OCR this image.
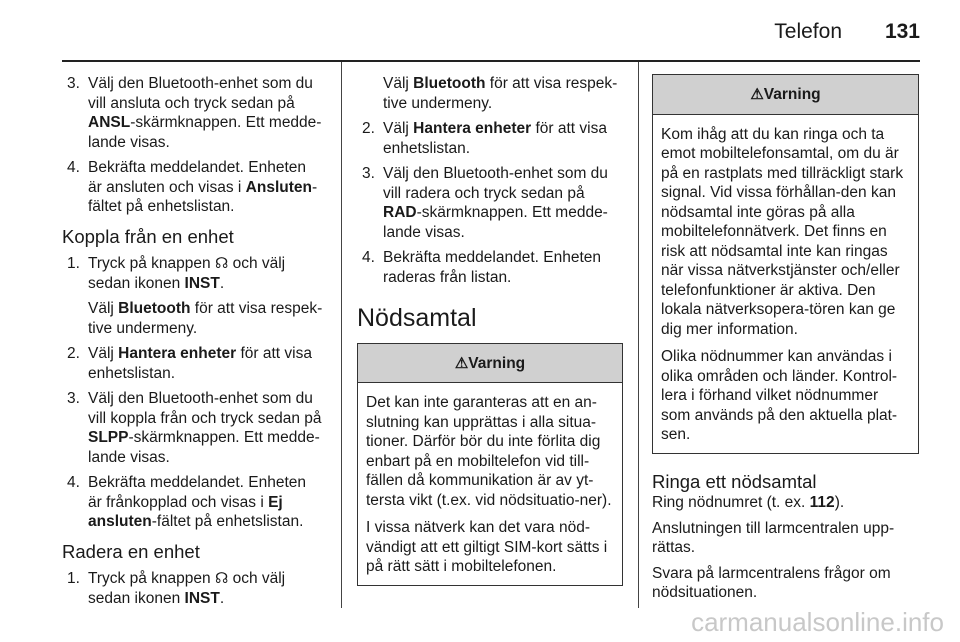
Telefon 131
3. Välj den Bluetooth-enhet som du vill ansluta och tryck sedan på ANSL-skärmknappen. Ett medde-lande visas.
4. Bekräfta meddelandet. Enheten är ansluten och visas i Ansluten-fältet på enhetslistan.
Koppla från en enhet
1. Tryck på knappen ☊ och välj sedan ikonen INST.

Välj Bluetooth för att visa respek-tive undermeny.

2. Välj Hantera enheter för att visa enhetslistan.
3. Välj den Bluetooth-enhet som du vill koppla från och tryck sedan på SLPP-skärmknappen. Ett medde-lande visas.
4. Bekräfta meddelandet. Enheten är frånkopplad och visas i Ej ansluten-fältet på enhetslistan.
Radera en enhet
1. Tryck på knappen ☊ och välj sedan ikonen INST.

Välj Bluetooth för att visa respek-tive undermeny.

2. Välj Hantera enheter för att visa enhetslistan.
3. Välj den Bluetooth-enhet som du vill radera och tryck sedan på RAD-skärmknappen. Ett medde-lande visas.
4. Bekräfta meddelandet. Enheten raderas från listan.
Nödsamtal
⚠Varning

Det kan inte garanteras att en an-slutning kan upprättas i alla situa-tioner. Därför bör du inte förlita dig enbart på en mobiltelefon vid till-fällen då kommunikation är av yt-tersta vikt (t.ex. vid nödsituatio-ner).

I vissa nätverk kan det vara nöd-vändigt att ett giltigt SIM-kort sätts i på rätt sätt i mobiltelefonen.

⚠Varning

Kom ihåg att du kan ringa och ta emot mobiltelefonsamtal, om du är på en rastplats med tillräckligt stark signal. Vid vissa förhållan-den kan nödsamtal inte göras på alla mobiltelefonnätverk. Det finns en risk att nödsamtal inte kan ringas när vissa nätverkstjänster och/eller telefonfunktioner är aktiva. Den lokala nätverksopera-tören kan ge dig mer information.

Olika nödnummer kan användas i olika områden och länder. Kontrol-lera i förhand vilket nödnummer som används på den aktuella plat-sen.

Ringa ett nödsamtal

Ring nödnumret (t. ex. 112).

Anslutningen till larmcentralen upp-rättas.

Svara på larmcentralens frågor om nödsituationen.

carmanualsonline.info
